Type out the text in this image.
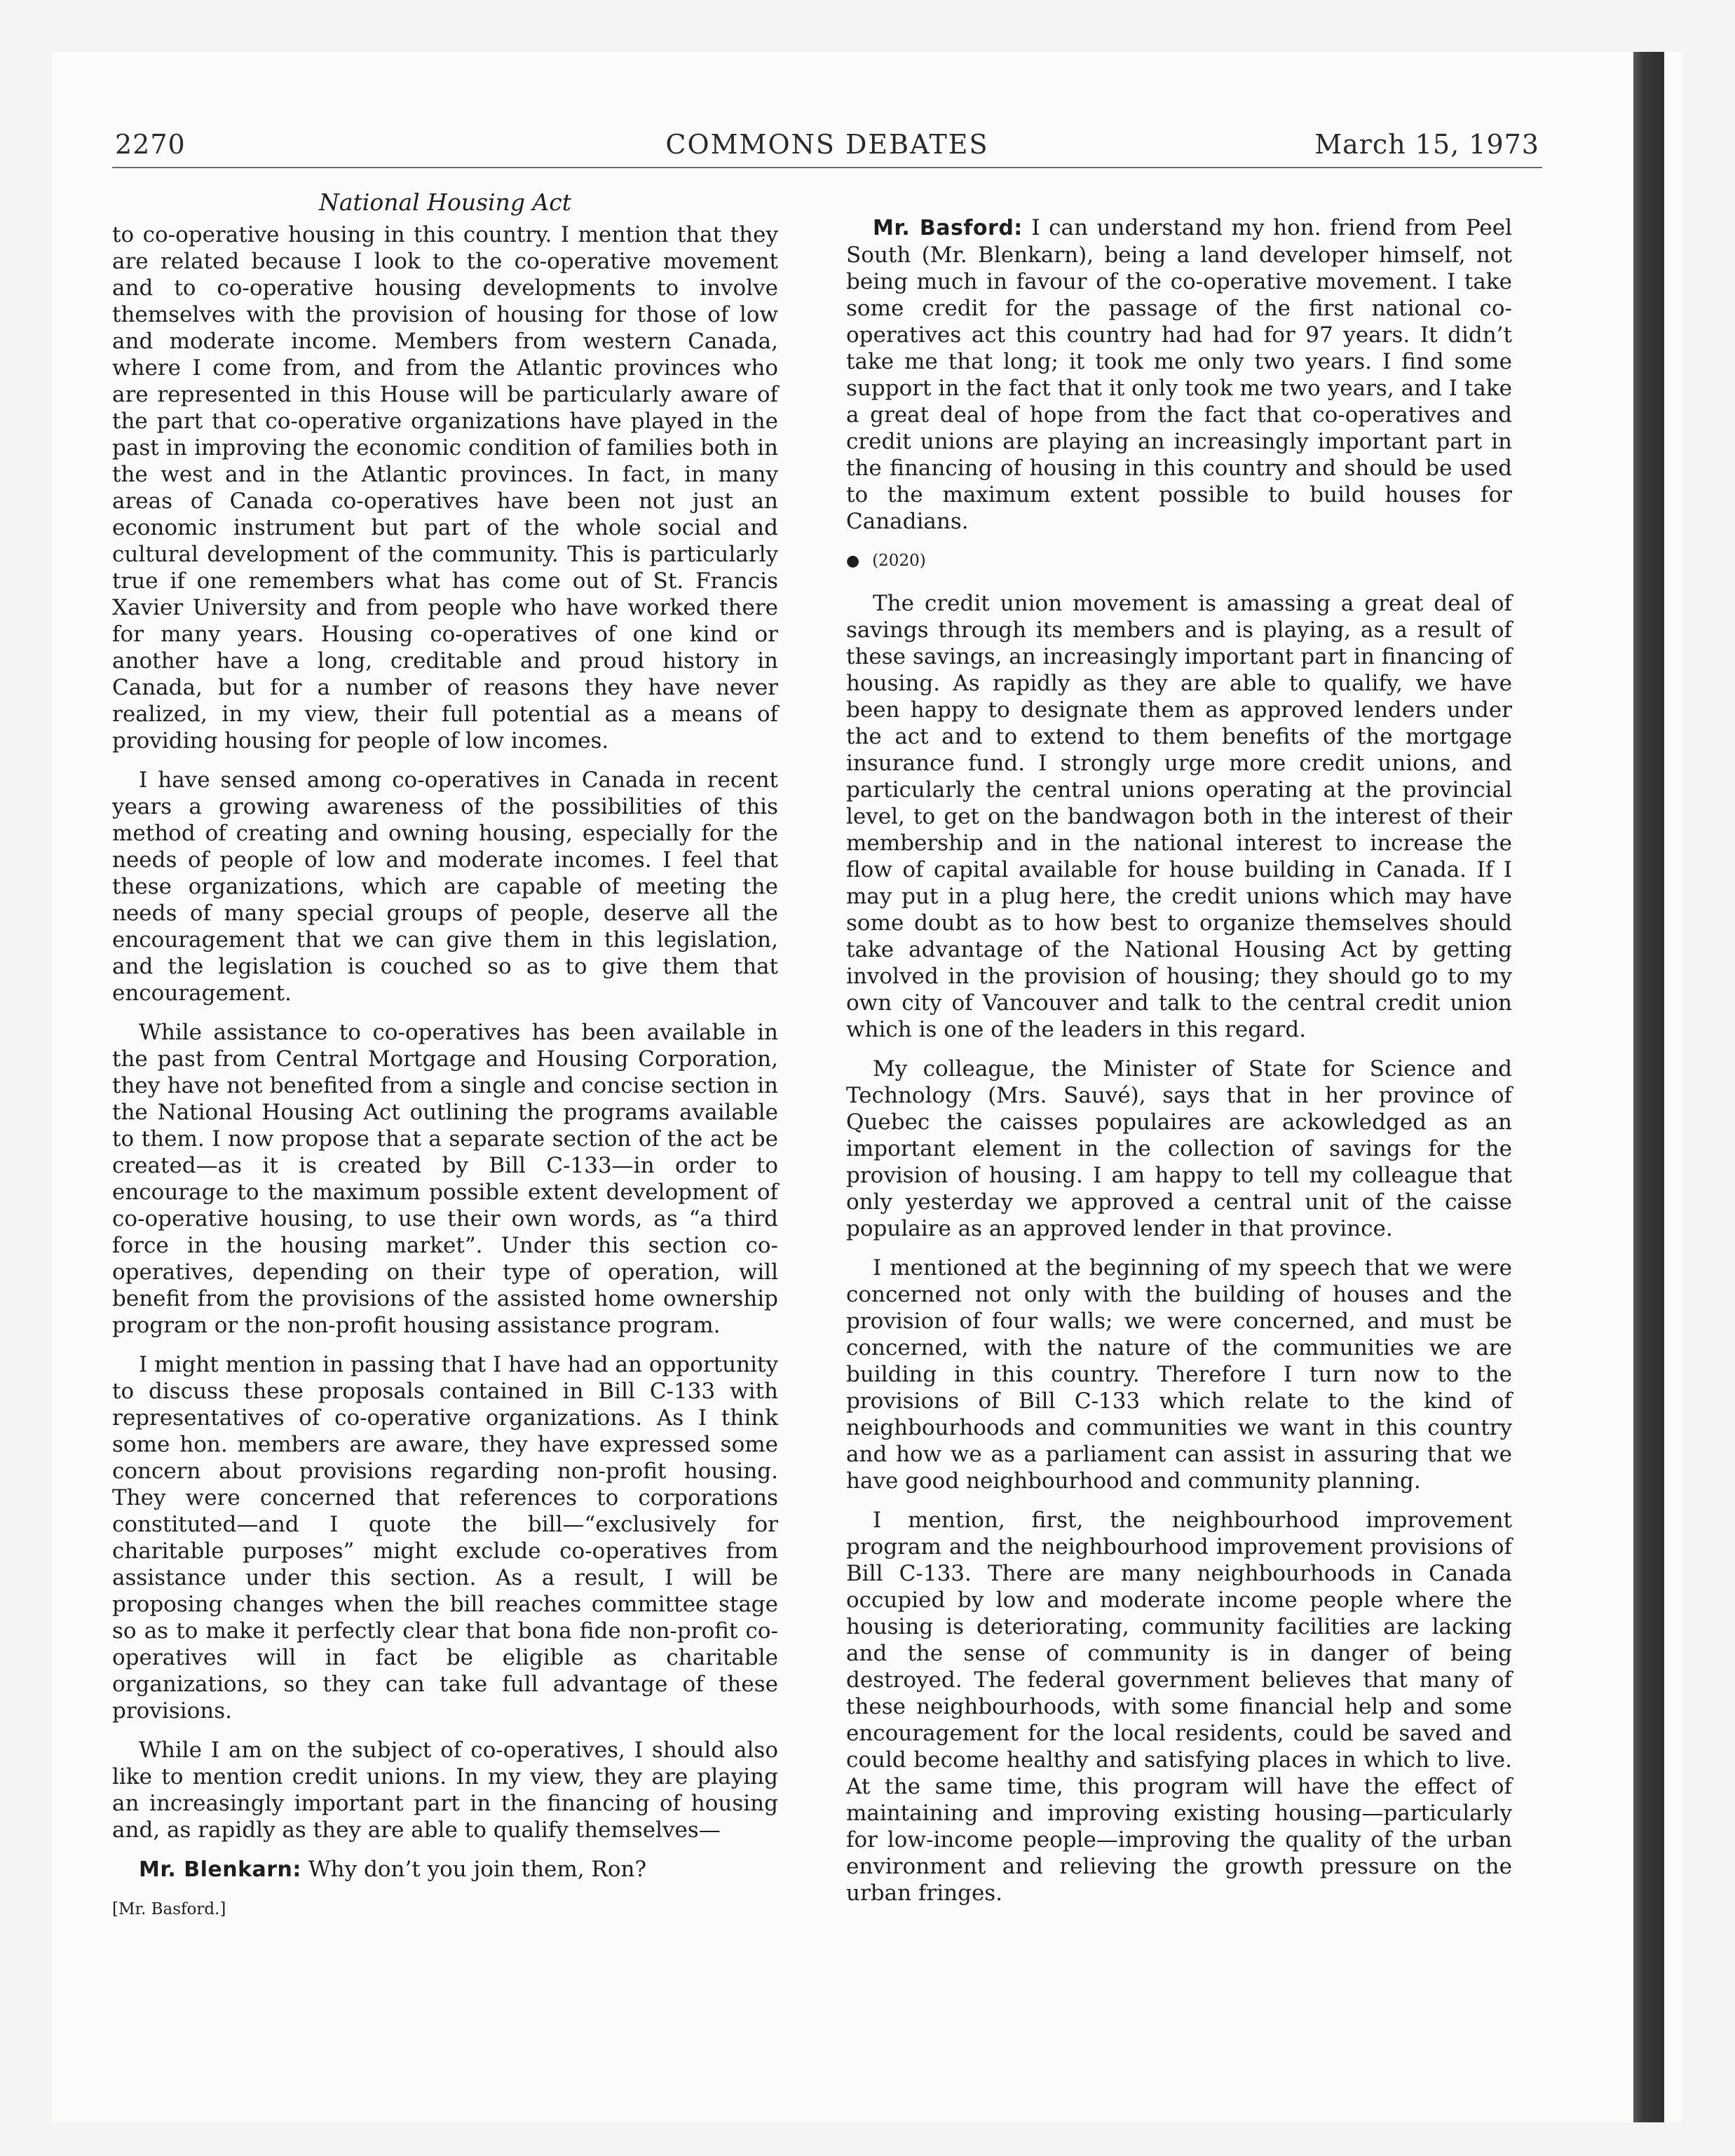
2270	COMMONS DEBATES	March 15, 1973
National Housing Act

to co-operative housing in this country. I mention that they are related because I look to the co-operative movement and to co-operative housing developments to involve themselves with the provision of housing for those of low and moderate income. Members from western Canada, where I come from, and from the Atlantic provinces who are represented in this House will be particularly aware of the part that co-operative organizations have played in the past in improving the economic condition of families both in the west and in the Atlantic provinces. In fact, in many areas of Canada co-operatives have been not just an economic instrument but part of the whole social and cultural development of the community. This is particularly true if one remembers what has come out of St. Francis Xavier University and from people who have worked there for many years. Housing co-operatives of one kind or another have a long, creditable and proud history in Canada, but for a number of reasons they have never realized, in my view, their full potential as a means of providing housing for people of low incomes.

I have sensed among co-operatives in Canada in recent years a growing awareness of the possibilities of this method of creating and owning housing, especially for the needs of people of low and moderate incomes. I feel that these organizations, which are capable of meeting the needs of many special groups of people, deserve all the encouragement that we can give them in this legislation, and the legislation is couched so as to give them that encouragement.

While assistance to co-operatives has been available in the past from Central Mortgage and Housing Corporation, they have not benefited from a single and concise section in the National Housing Act outlining the programs available to them. I now propose that a separate section of the act be created—as it is created by Bill C-133—in order to encourage to the maximum possible extent development of co-operative housing, to use their own words, as “a third force in the housing market”. Under this section co-operatives, depending on their type of operation, will benefit from the provisions of the assisted home ownership program or the non-profit housing assistance program.

I might mention in passing that I have had an opportunity to discuss these proposals contained in Bill C-133 with representatives of co-operative organizations. As I think some hon. members are aware, they have expressed some concern about provisions regarding non-profit housing. They were concerned that references to corporations constituted—and I quote the bill—“exclusively for charitable purposes” might exclude co-operatives from assistance under this section. As a result, I will be proposing changes when the bill reaches committee stage so as to make it perfectly clear that bona fide non-profit co-operatives will in fact be eligible as charitable organizations, so they can take full advantage of these provisions.

While I am on the subject of co-operatives, I should also like to mention credit unions. In my view, they are playing an increasingly important part in the financing of housing and, as rapidly as they are able to qualify themselves—

Mr. Blenkarn: Why don’t you join them, Ron?

[Mr. Basford.]

Mr. Basford: I can understand my hon. friend from Peel South (Mr. Blenkarn), being a land developer himself, not being much in favour of the co-operative movement. I take some credit for the passage of the first national co-operatives act this country had had for 97 years. It didn’t take me that long; it took me only two years. I find some support in the fact that it only took me two years, and I take a great deal of hope from the fact that co-operatives and credit unions are playing an increasingly important part in the financing of housing in this country and should be used to the maximum extent possible to build houses for Canadians.

● (2020)

The credit union movement is amassing a great deal of savings through its members and is playing, as a result of these savings, an increasingly important part in financing of housing. As rapidly as they are able to qualify, we have been happy to designate them as approved lenders under the act and to extend to them benefits of the mortgage insurance fund. I strongly urge more credit unions, and particularly the central unions operating at the provincial level, to get on the bandwagon both in the interest of their membership and in the national interest to increase the flow of capital available for house building in Canada. If I may put in a plug here, the credit unions which may have some doubt as to how best to organize themselves should take advantage of the National Housing Act by getting involved in the provision of housing; they should go to my own city of Vancouver and talk to the central credit union which is one of the leaders in this regard.

My colleague, the Minister of State for Science and Technology (Mrs. Sauvé), says that in her province of Quebec the caisses populaires are ackowledged as an important element in the collection of savings for the provision of housing. I am happy to tell my colleague that only yesterday we approved a central unit of the caisse populaire as an approved lender in that province.

I mentioned at the beginning of my speech that we were concerned not only with the building of houses and the provision of four walls; we were concerned, and must be concerned, with the nature of the communities we are building in this country. Therefore I turn now to the provisions of Bill C-133 which relate to the kind of neighbourhoods and communities we want in this country and how we as a parliament can assist in assuring that we have good neighbourhood and community planning.

I mention, first, the neighbourhood improvement program and the neighbourhood improvement provisions of Bill C-133. There are many neighbourhoods in Canada occupied by low and moderate income people where the housing is deteriorating, community facilities are lacking and the sense of community is in danger of being destroyed. The federal government believes that many of these neighbourhoods, with some financial help and some encouragement for the local residents, could be saved and could become healthy and satisfying places in which to live. At the same time, this program will have the effect of maintaining and improving existing housing—particularly for low-income people—improving the quality of the urban environment and relieving the growth pressure on the urban fringes.
